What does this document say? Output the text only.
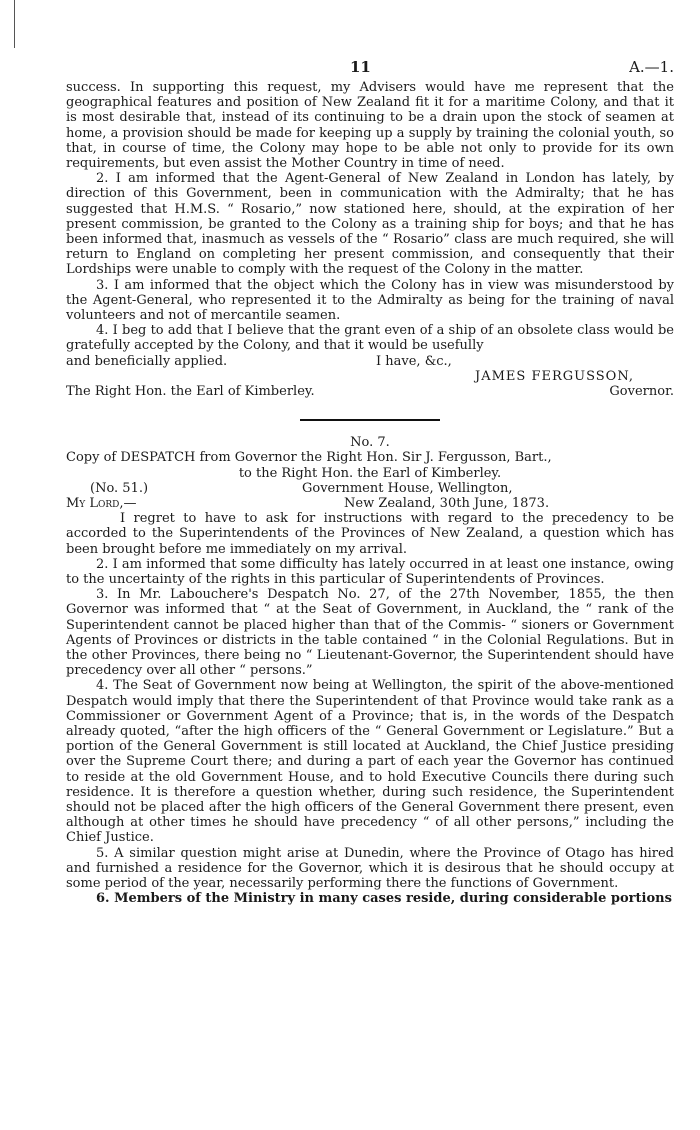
11	A.—1.

success. In supporting this request, my Advisers would have me represent that the geographical features and position of New Zealand fit it for a maritime Colony, and that it is most desirable that, instead of its continuing to be a drain upon the stock of seamen at home, a provision should be made for keeping up a supply by training the colonial youth, so that, in course of time, the Colony may hope to be able not only to provide for its own requirements, but even assist the Mother Country in time of need.

2. I am informed that the Agent-General of New Zealand in London has lately, by direction of this Government, been in communication with the Admiralty; that he has suggested that H.M.S. “ Rosario,” now stationed here, should, at the expiration of her present commission, be granted to the Colony as a training ship for boys; and that he has been informed that, inasmuch as vessels of the “ Rosario” class are much required, she will return to England on completing her present commission, and consequently that their Lordships were unable to comply with the request of the Colony in the matter.

3. I am informed that the object which the Colony has in view was misunderstood by the Agent-General, who represented it to the Admiralty as being for the training of naval volunteers and not of mercantile seamen.

4. I beg to add that I believe that the grant even of a ship of an obsolete class would be gratefully accepted by the Colony, and that it would be usefully

and beneficially applied.	I have, &c.,
JAMES FERGUSSON,
The Right Hon. the Earl of Kimberley.	Governor.

No. 7.

Copy of DESPATCH from Governor the Right Hon. Sir J. Fergusson, Bart.,

to the Right Hon. the Earl of Kimberley.

(No. 51.)	Government House, Wellington,
My Lord,—	New Zealand, 30th June, 1873.

I regret to have to ask for instructions with regard to the precedency to be accorded to the Superintendents of the Provinces of New Zealand, a question which has been brought before me immediately on my arrival.

2. I am informed that some difficulty has lately occurred in at least one instance, owing to the uncertainty of the rights in this particular of Superintendents of Provinces.

3. In Mr. Labouchere's Despatch No. 27, of the 27th November, 1855, the then Governor was informed that “ at the Seat of Government, in Auckland, the “ rank of the Superintendent cannot be placed higher than that of the Commis- “ sioners or Government Agents of Provinces or districts in the table contained “ in the Colonial Regulations. But in the other Provinces, there being no “ Lieutenant-Governor, the Superintendent should have precedency over all other “ persons.”

4. The Seat of Government now being at Wellington, the spirit of the above-mentioned Despatch would imply that there the Superintendent of that Province would take rank as a Commissioner or Government Agent of a Province; that is, in the words of the Despatch already quoted, “after the high officers of the “ General Government or Legislature.” But a portion of the General Government is still located at Auckland, the Chief Justice presiding over the Supreme Court there; and during a part of each year the Governor has continued to reside at the old Government House, and to hold Executive Councils there during such residence. It is therefore a question whether, during such residence, the Superintendent should not be placed after the high officers of the General Government there present, even although at other times he should have precedency “ of all other persons,” including the Chief Justice.

5. A similar question might arise at Dunedin, where the Province of Otago has hired and furnished a residence for the Governor, which it is desirous that he should occupy at some period of the year, necessarily performing there the functions of Government.

6. Members of the Ministry in many cases reside, during considerable portions
